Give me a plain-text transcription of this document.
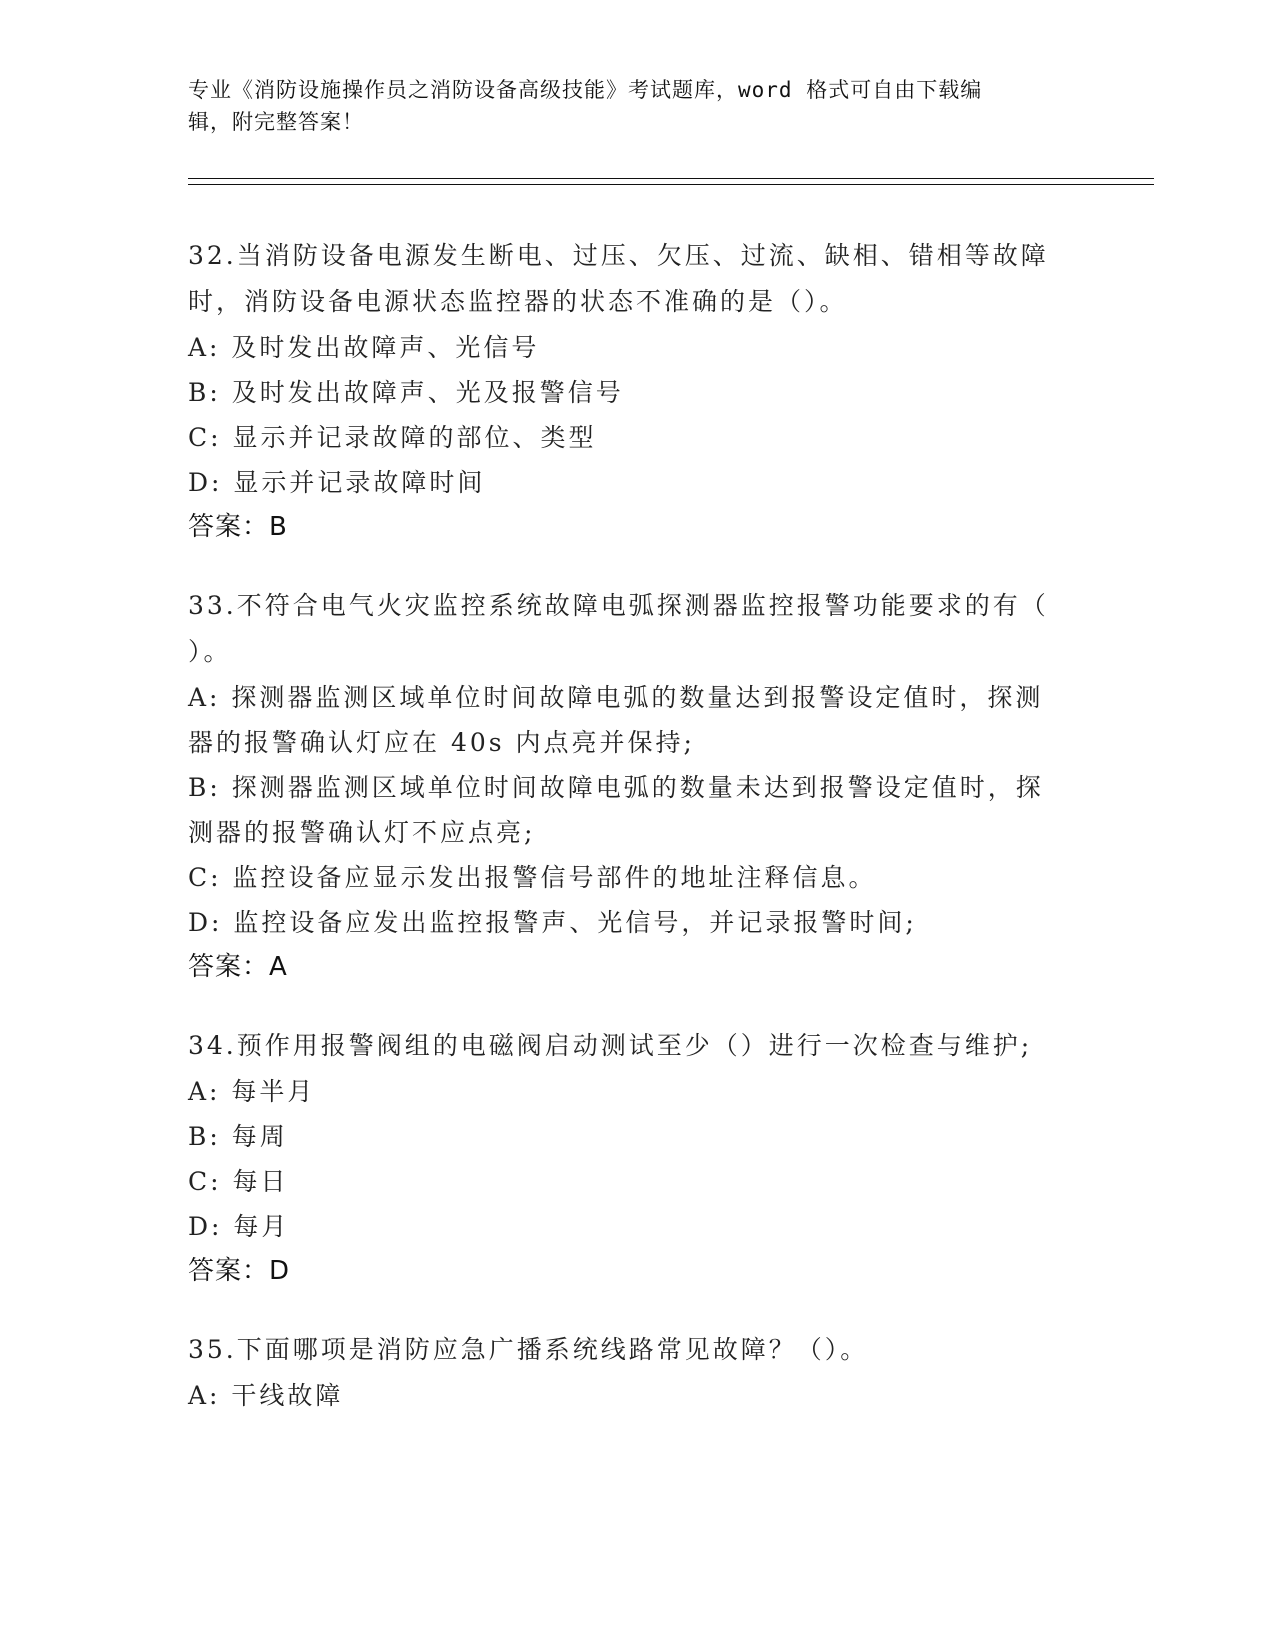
专业《消防设施操作员之消防设备高级技能》考试题库，word 格式可自由下载编
辑，附完整答案！
32.当消防设备电源发生断电、过压、欠压、过流、缺相、错相等故障
时，消防设备电源状态监控器的状态不准确的是（）。
A: 及时发出故障声、光信号
B: 及时发出故障声、光及报警信号
C: 显示并记录故障的部位、类型
D: 显示并记录故障时间
答案：B
33.不符合电气火灾监控系统故障电弧探测器监控报警功能要求的有（
）。
A: 探测器监测区域单位时间故障电弧的数量达到报警设定值时，探测
器的报警确认灯应在 40s 内点亮并保持;
B: 探测器监测区域单位时间故障电弧的数量未达到报警设定值时，探
测器的报警确认灯不应点亮;
C: 监控设备应显示发出报警信号部件的地址注释信息。
D: 监控设备应发出监控报警声、光信号，并记录报警时间;
答案：A
34.预作用报警阀组的电磁阀启动测试至少（）进行一次检查与维护;
A: 每半月
B: 每周
C: 每日
D: 每月
答案：D
35.下面哪项是消防应急广播系统线路常见故障？（）。
A: 干线故障
